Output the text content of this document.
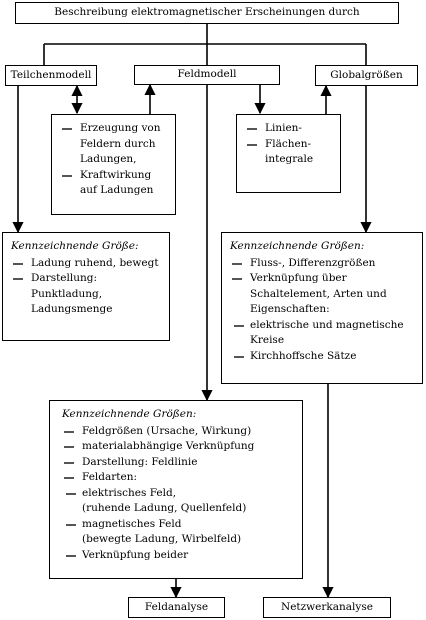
Beschreibung elektromagnetischer Erscheinungen durch
Teilchenmodell	Feldmodell	Globalgrößen
Erzeugung von Feldern durch Ladungen,
Kraftwirkung auf Ladungen
Linien-
Flächen-integrale
Kennzeichnende Größe:
Ladung ruhend, bewegt
Darstellung: Punktladung, Ladungsmenge
Kennzeichnende Größen:
Fluss-, Differenzgrößen
Verknüpfung über Schaltelement, Arten und Eigenschaften:
elektrische und magnetische Kreise
Kirchhoffsche Sätze
Kennzeichnende Größen:
Feldgrößen (Ursache, Wirkung)
materialabhängige Verknüpfung
Darstellung: Feldlinie
Feldarten:
elektrisches Feld,
(ruhende Ladung, Quellenfeld)
magnetisches Feld
(bewegte Ladung, Wirbelfeld)
Verknüpfung beider
Feldanalyse	Netzwerkanalyse
